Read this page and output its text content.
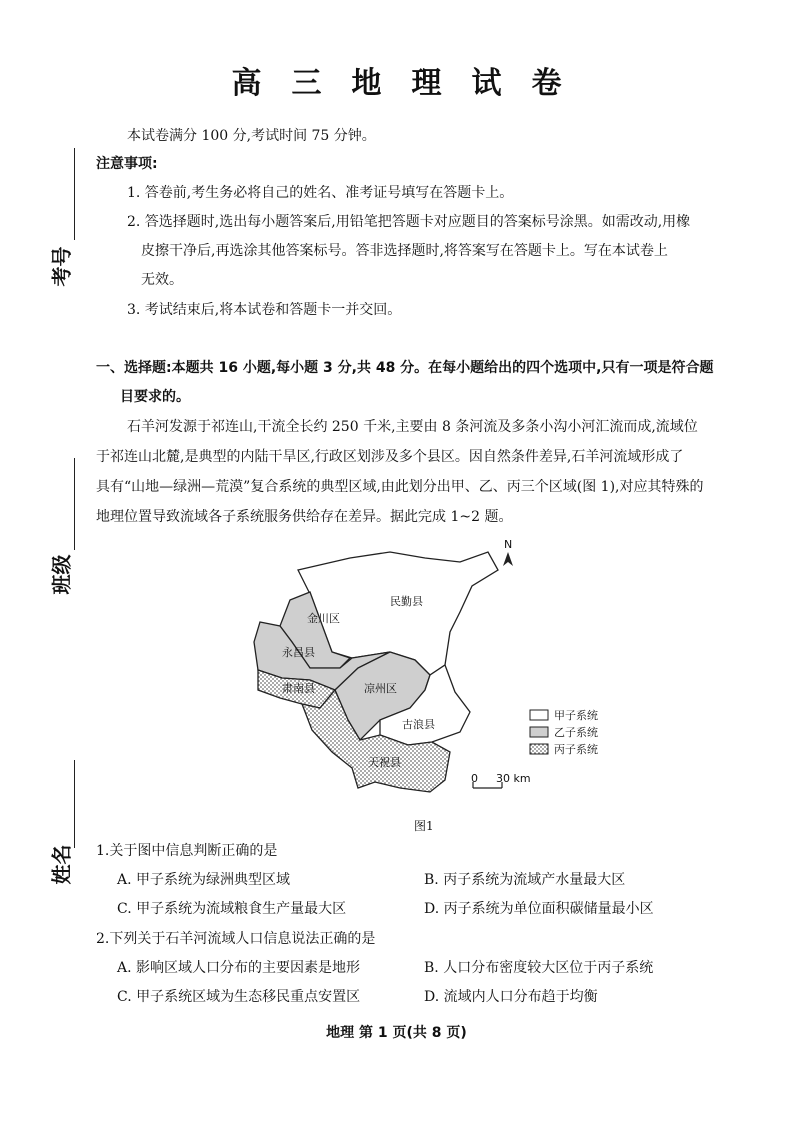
高三地理试卷
考号
班级
姓名
本试卷满分 100 分,考试时间 75 分钟。
注意事项:
1. 答卷前,考生务必将自己的姓名、准考证号填写在答题卡上。
2. 答选择题时,选出每小题答案后,用铅笔把答题卡对应题目的答案标号涂黑。如需改动,用橡
皮擦干净后,再选涂其他答案标号。答非选择题时,将答案写在答题卡上。写在本试卷上
无效。
3. 考试结束后,将本试卷和答题卡一并交回。
一、选择题:本题共 16 小题,每小题 3 分,共 48 分。在每小题给出的四个选项中,只有一项是符合题
目要求的。
石羊河发源于祁连山,干流全长约 250 千米,主要由 8 条河流及多条小沟小河汇流而成,流域位
于祁连山北麓,是典型的内陆干旱区,行政区划涉及多个县区。因自然条件差异,石羊河流域形成了
具有“山地—绿洲—荒漠”复合系统的典型区域,由此划分出甲、乙、丙三个区域(图 1),对应其特殊的
地理位置导致流域各子系统服务供给存在差异。据此完成 1~2 题。
民勤县
金川区
永昌县
肃南县	凉州区
古浪县
天祝县
N
甲子系统
乙子系统
丙子系统
0 30 km
图1
1.关于图中信息判断正确的是
A. 甲子系统为绿洲典型区域	B. 丙子系统为流域产水量最大区
C. 甲子系统为流域粮食生产量最大区	D. 丙子系统为单位面积碳储量最小区
2.下列关于石羊河流域人口信息说法正确的是
A. 影响区域人口分布的主要因素是地形	B. 人口分布密度较大区位于丙子系统
C. 甲子系统区域为生态移民重点安置区	D. 流域内人口分布趋于均衡
地理 第 1 页(共 8 页)
